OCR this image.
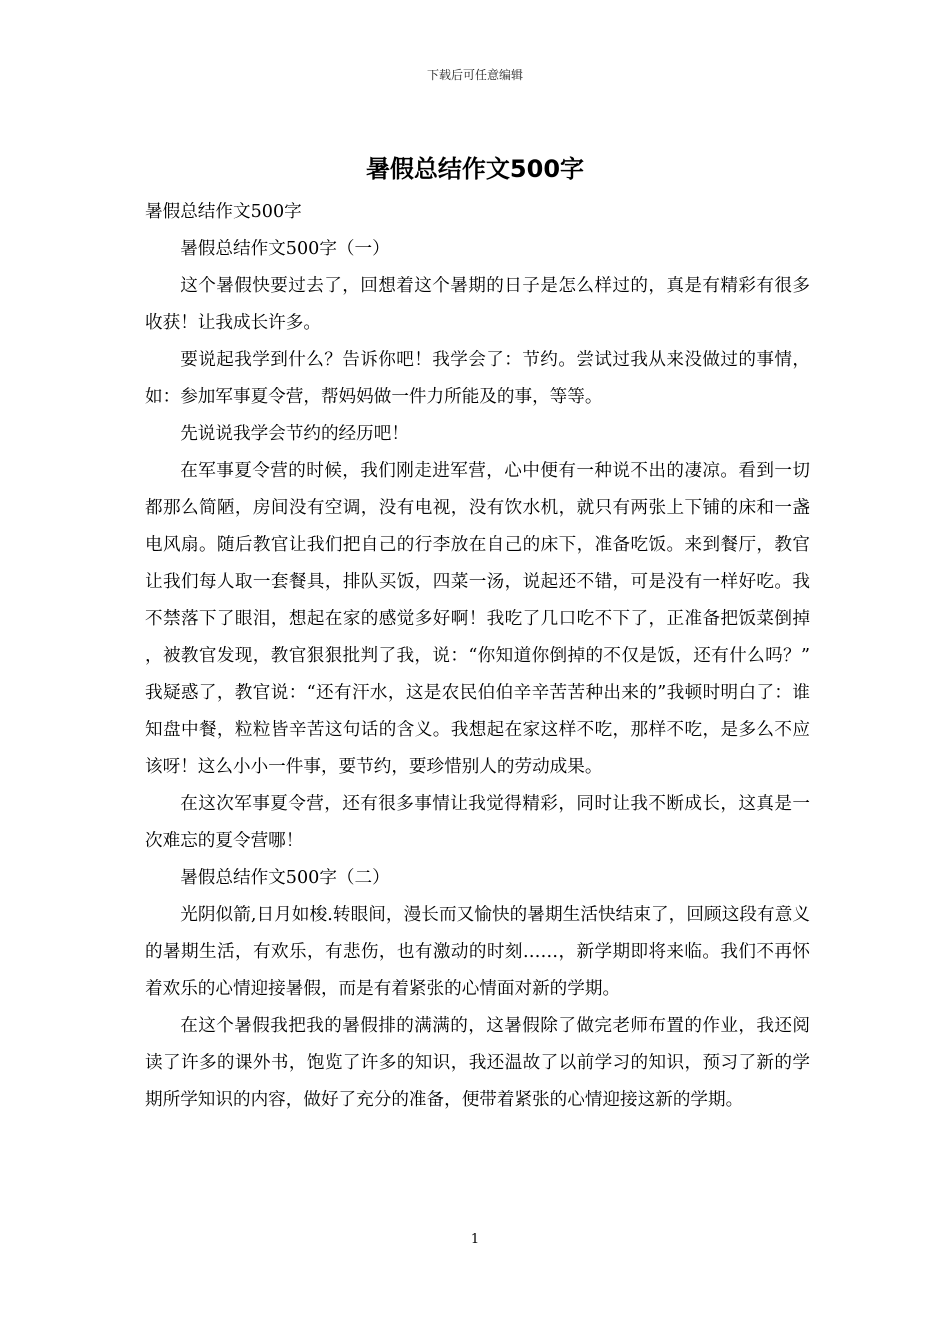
下载后可任意编辑
暑假总结作文500字

暑假总结作文500字

暑假总结作文500字（一）

这个暑假快要过去了，回想着这个暑期的日子是怎么样过的，真是有精彩有很多收获！让我成长许多。

要说起我学到什么？告诉你吧！我学会了：节约。尝试过我从来没做过的事情，如：参加军事夏令营，帮妈妈做一件力所能及的事，等等。

先说说我学会节约的经历吧！

在军事夏令营的时候，我们刚走进军营，心中便有一种说不出的凄凉。看到一切都那么简陋，房间没有空调，没有电视，没有饮水机，就只有两张上下铺的床和一盏电风扇。随后教官让我们把自己的行李放在自己的床下，准备吃饭。来到餐厅，教官让我们每人取一套餐具，排队买饭，四菜一汤，说起还不错，可是没有一样好吃。我不禁落下了眼泪，想起在家的感觉多好啊！我吃了几口吃不下了，正准备把饭菜倒掉，被教官发现，教官狠狠批判了我，说：“你知道你倒掉的不仅是饭，还有什么吗？”我疑惑了，教官说：“还有汗水，这是农民伯伯辛辛苦苦种出来的”我顿时明白了：谁知盘中餐，粒粒皆辛苦这句话的含义。我想起在家这样不吃，那样不吃，是多么不应该呀！这么小小一件事，要节约，要珍惜别人的劳动成果。

在这次军事夏令营，还有很多事情让我觉得精彩，同时让我不断成长，这真是一次难忘的夏令营哪！

暑假总结作文500字（二）

光阴似箭,日月如梭.转眼间，漫长而又愉快的暑期生活快结束了，回顾这段有意义的暑期生活，有欢乐，有悲伤，也有激动的时刻……，新学期即将来临。我们不再怀着欢乐的心情迎接暑假，而是有着紧张的心情面对新的学期。

在这个暑假我把我的暑假排的满满的，这暑假除了做完老师布置的作业，我还阅读了许多的课外书，饱览了许多的知识，我还温故了以前学习的知识，预习了新的学期所学知识的内容，做好了充分的准备，便带着紧张的心情迎接这新的学期。

1
